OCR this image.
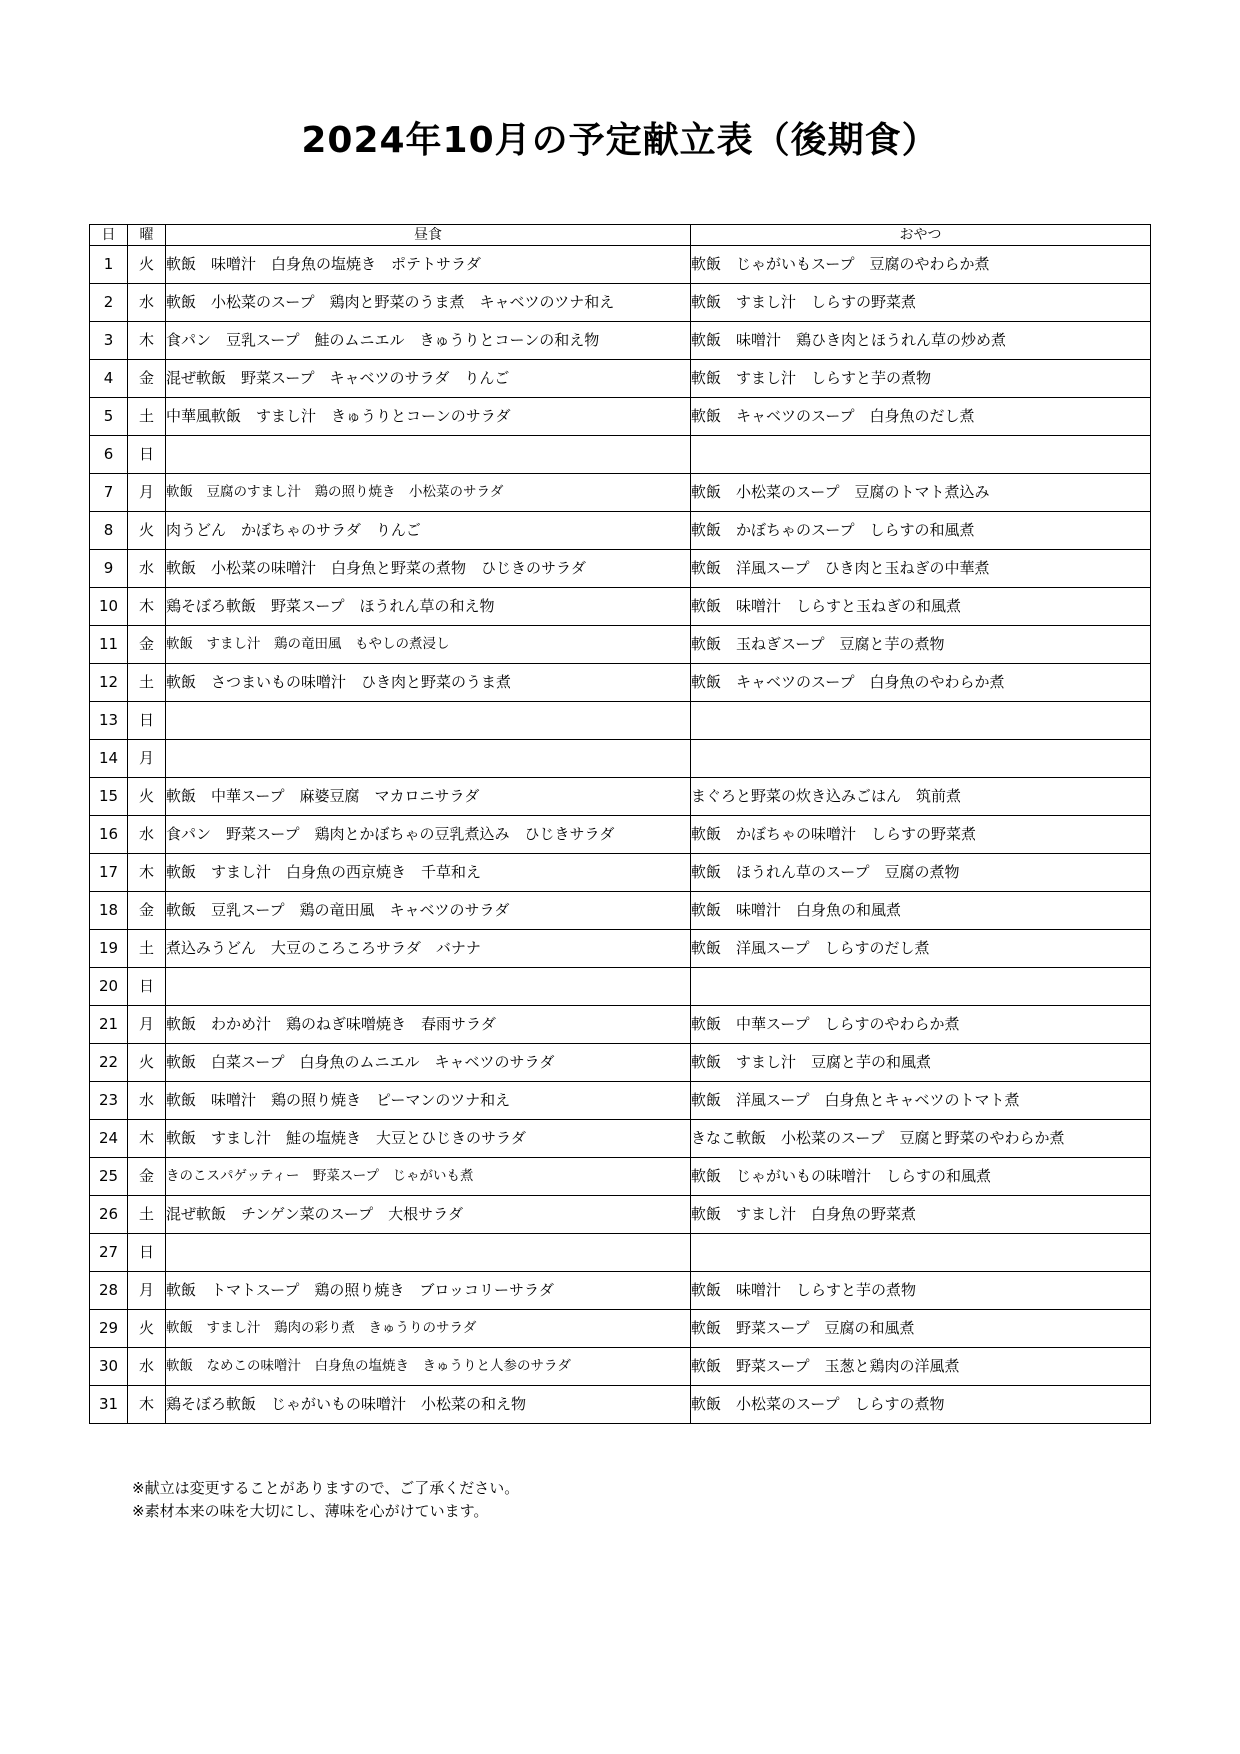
2024年10月の予定献立表（後期食）
日	曜	昼食	おやつ
1	火	軟飯　味噌汁　白身魚の塩焼き　ポテトサラダ	軟飯　じゃがいもスープ　豆腐のやわらか煮
2	水	軟飯　小松菜のスープ　鶏肉と野菜のうま煮　キャベツのツナ和え	軟飯　すまし汁　しらすの野菜煮
3	木	食パン　豆乳スープ　鮭のムニエル　きゅうりとコーンの和え物	軟飯　味噌汁　鶏ひき肉とほうれん草の炒め煮
4	金	混ぜ軟飯　野菜スープ　キャベツのサラダ　りんご	軟飯　すまし汁　しらすと芋の煮物
5	土	中華風軟飯　すまし汁　きゅうりとコーンのサラダ	軟飯　キャベツのスープ　白身魚のだし煮
6	日		
7	月	軟飯　豆腐のすまし汁　鶏の照り焼き　小松菜のサラダ	軟飯　小松菜のスープ　豆腐のトマト煮込み
8	火	肉うどん　かぼちゃのサラダ　りんご	軟飯　かぼちゃのスープ　しらすの和風煮
9	水	軟飯　小松菜の味噌汁　白身魚と野菜の煮物　ひじきのサラダ	軟飯　洋風スープ　ひき肉と玉ねぎの中華煮
10	木	鶏そぼろ軟飯　野菜スープ　ほうれん草の和え物	軟飯　味噌汁　しらすと玉ねぎの和風煮
11	金	軟飯　すまし汁　鶏の竜田風　もやしの煮浸し	軟飯　玉ねぎスープ　豆腐と芋の煮物
12	土	軟飯　さつまいもの味噌汁　ひき肉と野菜のうま煮	軟飯　キャベツのスープ　白身魚のやわらか煮
13	日		
14	月		
15	火	軟飯　中華スープ　麻婆豆腐　マカロニサラダ	まぐろと野菜の炊き込みごはん　筑前煮
16	水	食パン　野菜スープ　鶏肉とかぼちゃの豆乳煮込み　ひじきサラダ	軟飯　かぼちゃの味噌汁　しらすの野菜煮
17	木	軟飯　すまし汁　白身魚の西京焼き　千草和え	軟飯　ほうれん草のスープ　豆腐の煮物
18	金	軟飯　豆乳スープ　鶏の竜田風　キャベツのサラダ	軟飯　味噌汁　白身魚の和風煮
19	土	煮込みうどん　大豆のころころサラダ　バナナ	軟飯　洋風スープ　しらすのだし煮
20	日		
21	月	軟飯　わかめ汁　鶏のねぎ味噌焼き　春雨サラダ	軟飯　中華スープ　しらすのやわらか煮
22	火	軟飯　白菜スープ　白身魚のムニエル　キャベツのサラダ	軟飯　すまし汁　豆腐と芋の和風煮
23	水	軟飯　味噌汁　鶏の照り焼き　ピーマンのツナ和え	軟飯　洋風スープ　白身魚とキャベツのトマト煮
24	木	軟飯　すまし汁　鮭の塩焼き　大豆とひじきのサラダ	きなこ軟飯　小松菜のスープ　豆腐と野菜のやわらか煮
25	金	きのこスパゲッティー　野菜スープ　じゃがいも煮	軟飯　じゃがいもの味噌汁　しらすの和風煮
26	土	混ぜ軟飯　チンゲン菜のスープ　大根サラダ	軟飯　すまし汁　白身魚の野菜煮
27	日		
28	月	軟飯　トマトスープ　鶏の照り焼き　ブロッコリーサラダ	軟飯　味噌汁　しらすと芋の煮物
29	火	軟飯　すまし汁　鶏肉の彩り煮　きゅうりのサラダ	軟飯　野菜スープ　豆腐の和風煮
30	水	軟飯　なめこの味噌汁　白身魚の塩焼き　きゅうりと人参のサラダ	軟飯　野菜スープ　玉葱と鶏肉の洋風煮
31	木	鶏そぼろ軟飯　じゃがいもの味噌汁　小松菜の和え物	軟飯　小松菜のスープ　しらすの煮物
※献立は変更することがありますので、ご了承ください。
※素材本来の味を大切にし、薄味を心がけています。
